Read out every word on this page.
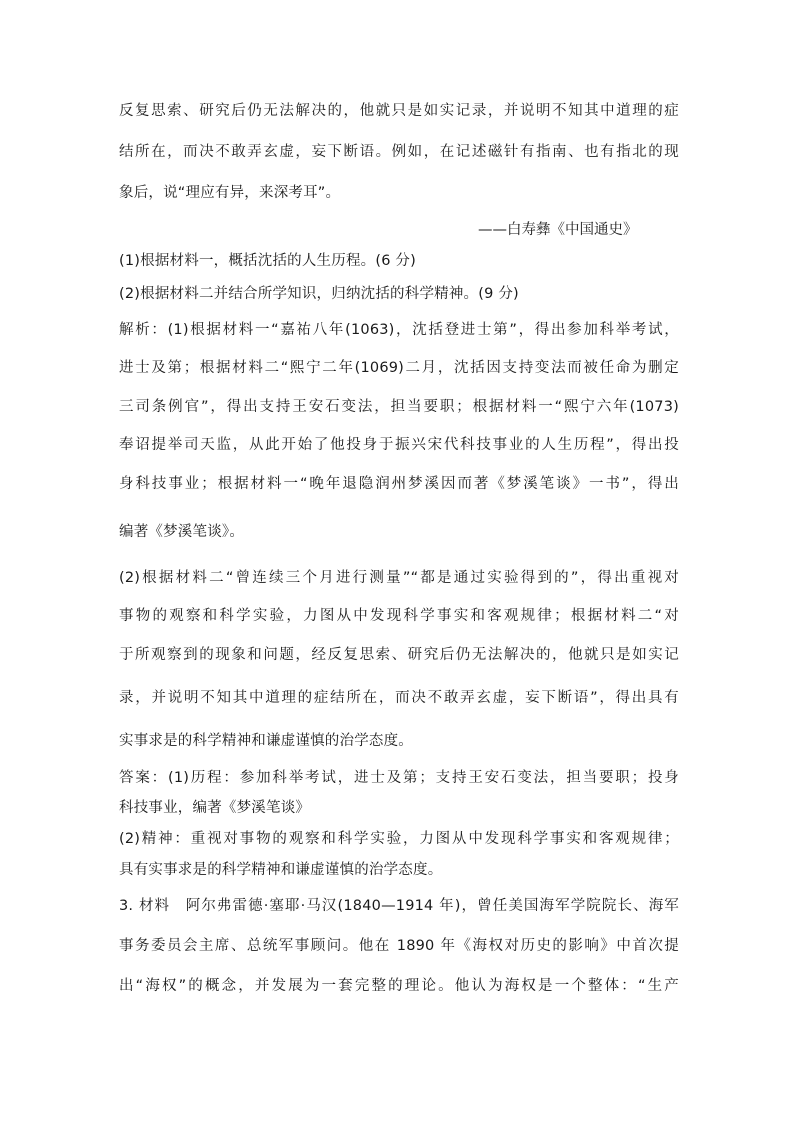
反复思索、研究后仍无法解决的，他就只是如实记录，并说明不知其中道理的症
结所在，而决不敢弄玄虚，妄下断语。例如，在记述磁针有指南、也有指北的现
象后，说“理应有异，来深考耳”。
——白寿彝《中国通史》
(1)根据材料一，概括沈括的人生历程。(6 分)
(2)根据材料二并结合所学知识，归纳沈括的科学精神。(9 分)
解析：(1)根据材料一“嘉祐八年(1063)，沈括登进士第”，得出参加科举考试，
进士及第；根据材料二“熙宁二年(1069)二月，沈括因支持变法而被任命为删定
三司条例官”，得出支持王安石变法，担当要职；根据材料一“熙宁六年(1073)
奉诏提举司天监，从此开始了他投身于振兴宋代科技事业的人生历程”，得出投
身科技事业；根据材料一“晚年退隐润州梦溪因而著《梦溪笔谈》一书”，得出
编著《梦溪笔谈》。
(2)根据材料二“曾连续三个月进行测量”“都是通过实验得到的”，得出重视对
事物的观察和科学实验，力图从中发现科学事实和客观规律；根据材料二“对
于所观察到的现象和问题，经反复思索、研究后仍无法解决的，他就只是如实记
录，并说明不知其中道理的症结所在，而决不敢弄玄虚，妄下断语”，得出具有
实事求是的科学精神和谦虚谨慎的治学态度。
答案：(1)历程：参加科举考试，进士及第；支持王安石变法，担当要职；投身
科技事业，编著《梦溪笔谈》
(2)精神：重视对事物的观察和科学实验，力图从中发现科学事实和客观规律；
具有实事求是的科学精神和谦虚谨慎的治学态度。
3. 材料　阿尔弗雷德·塞耶·马汉(1840—1914 年)，曾任美国海军学院院长、海军
事务委员会主席、总统军事顾问。他在 1890 年《海权对历史的影响》中首次提
出“海权”的概念，并发展为一套完整的理论。他认为海权是一个整体：“生产
